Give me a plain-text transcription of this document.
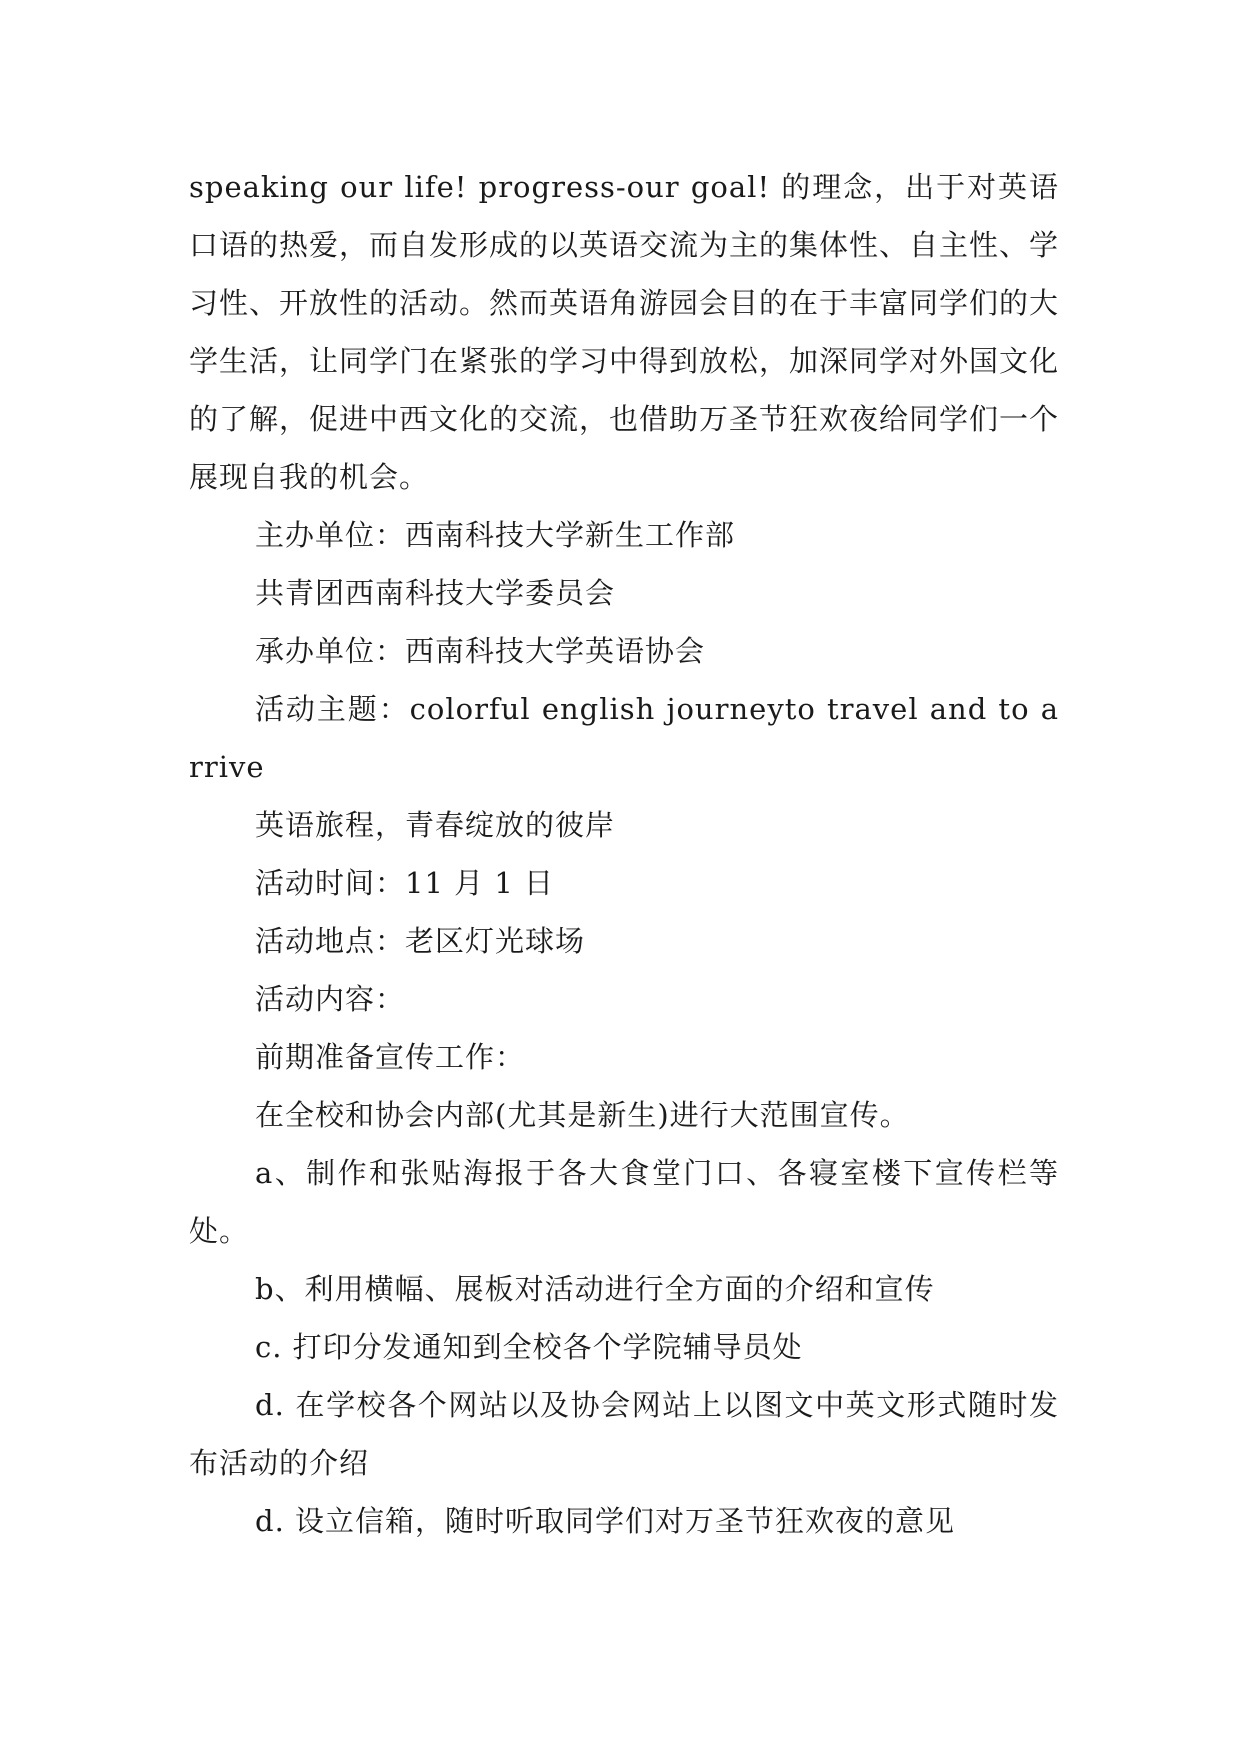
speaking our life! progress-our goal! 的理念，出于对英语口语的热爱，而自发形成的以英语交流为主的集体性、自主性、学习性、开放性的活动。然而英语角游园会目的在于丰富同学们的大学生活，让同学门在紧张的学习中得到放松，加深同学对外国文化的了解，促进中西文化的交流，也借助万圣节狂欢夜给同学们一个展现自我的机会。

主办单位：西南科技大学新生工作部

共青团西南科技大学委员会

承办单位：西南科技大学英语协会

活动主题：colorful english journeyto travel and to arrive

英语旅程，青春绽放的彼岸

活动时间：11 月 1 日

活动地点：老区灯光球场

活动内容：

前期准备宣传工作：

在全校和协会内部(尤其是新生)进行大范围宣传。

a、制作和张贴海报于各大食堂门口、各寝室楼下宣传栏等处。

b、利用横幅、展板对活动进行全方面的介绍和宣传

c. 打印分发通知到全校各个学院辅导员处

d. 在学校各个网站以及协会网站上以图文中英文形式随时发布活动的介绍

d. 设立信箱，随时听取同学们对万圣节狂欢夜的意见
